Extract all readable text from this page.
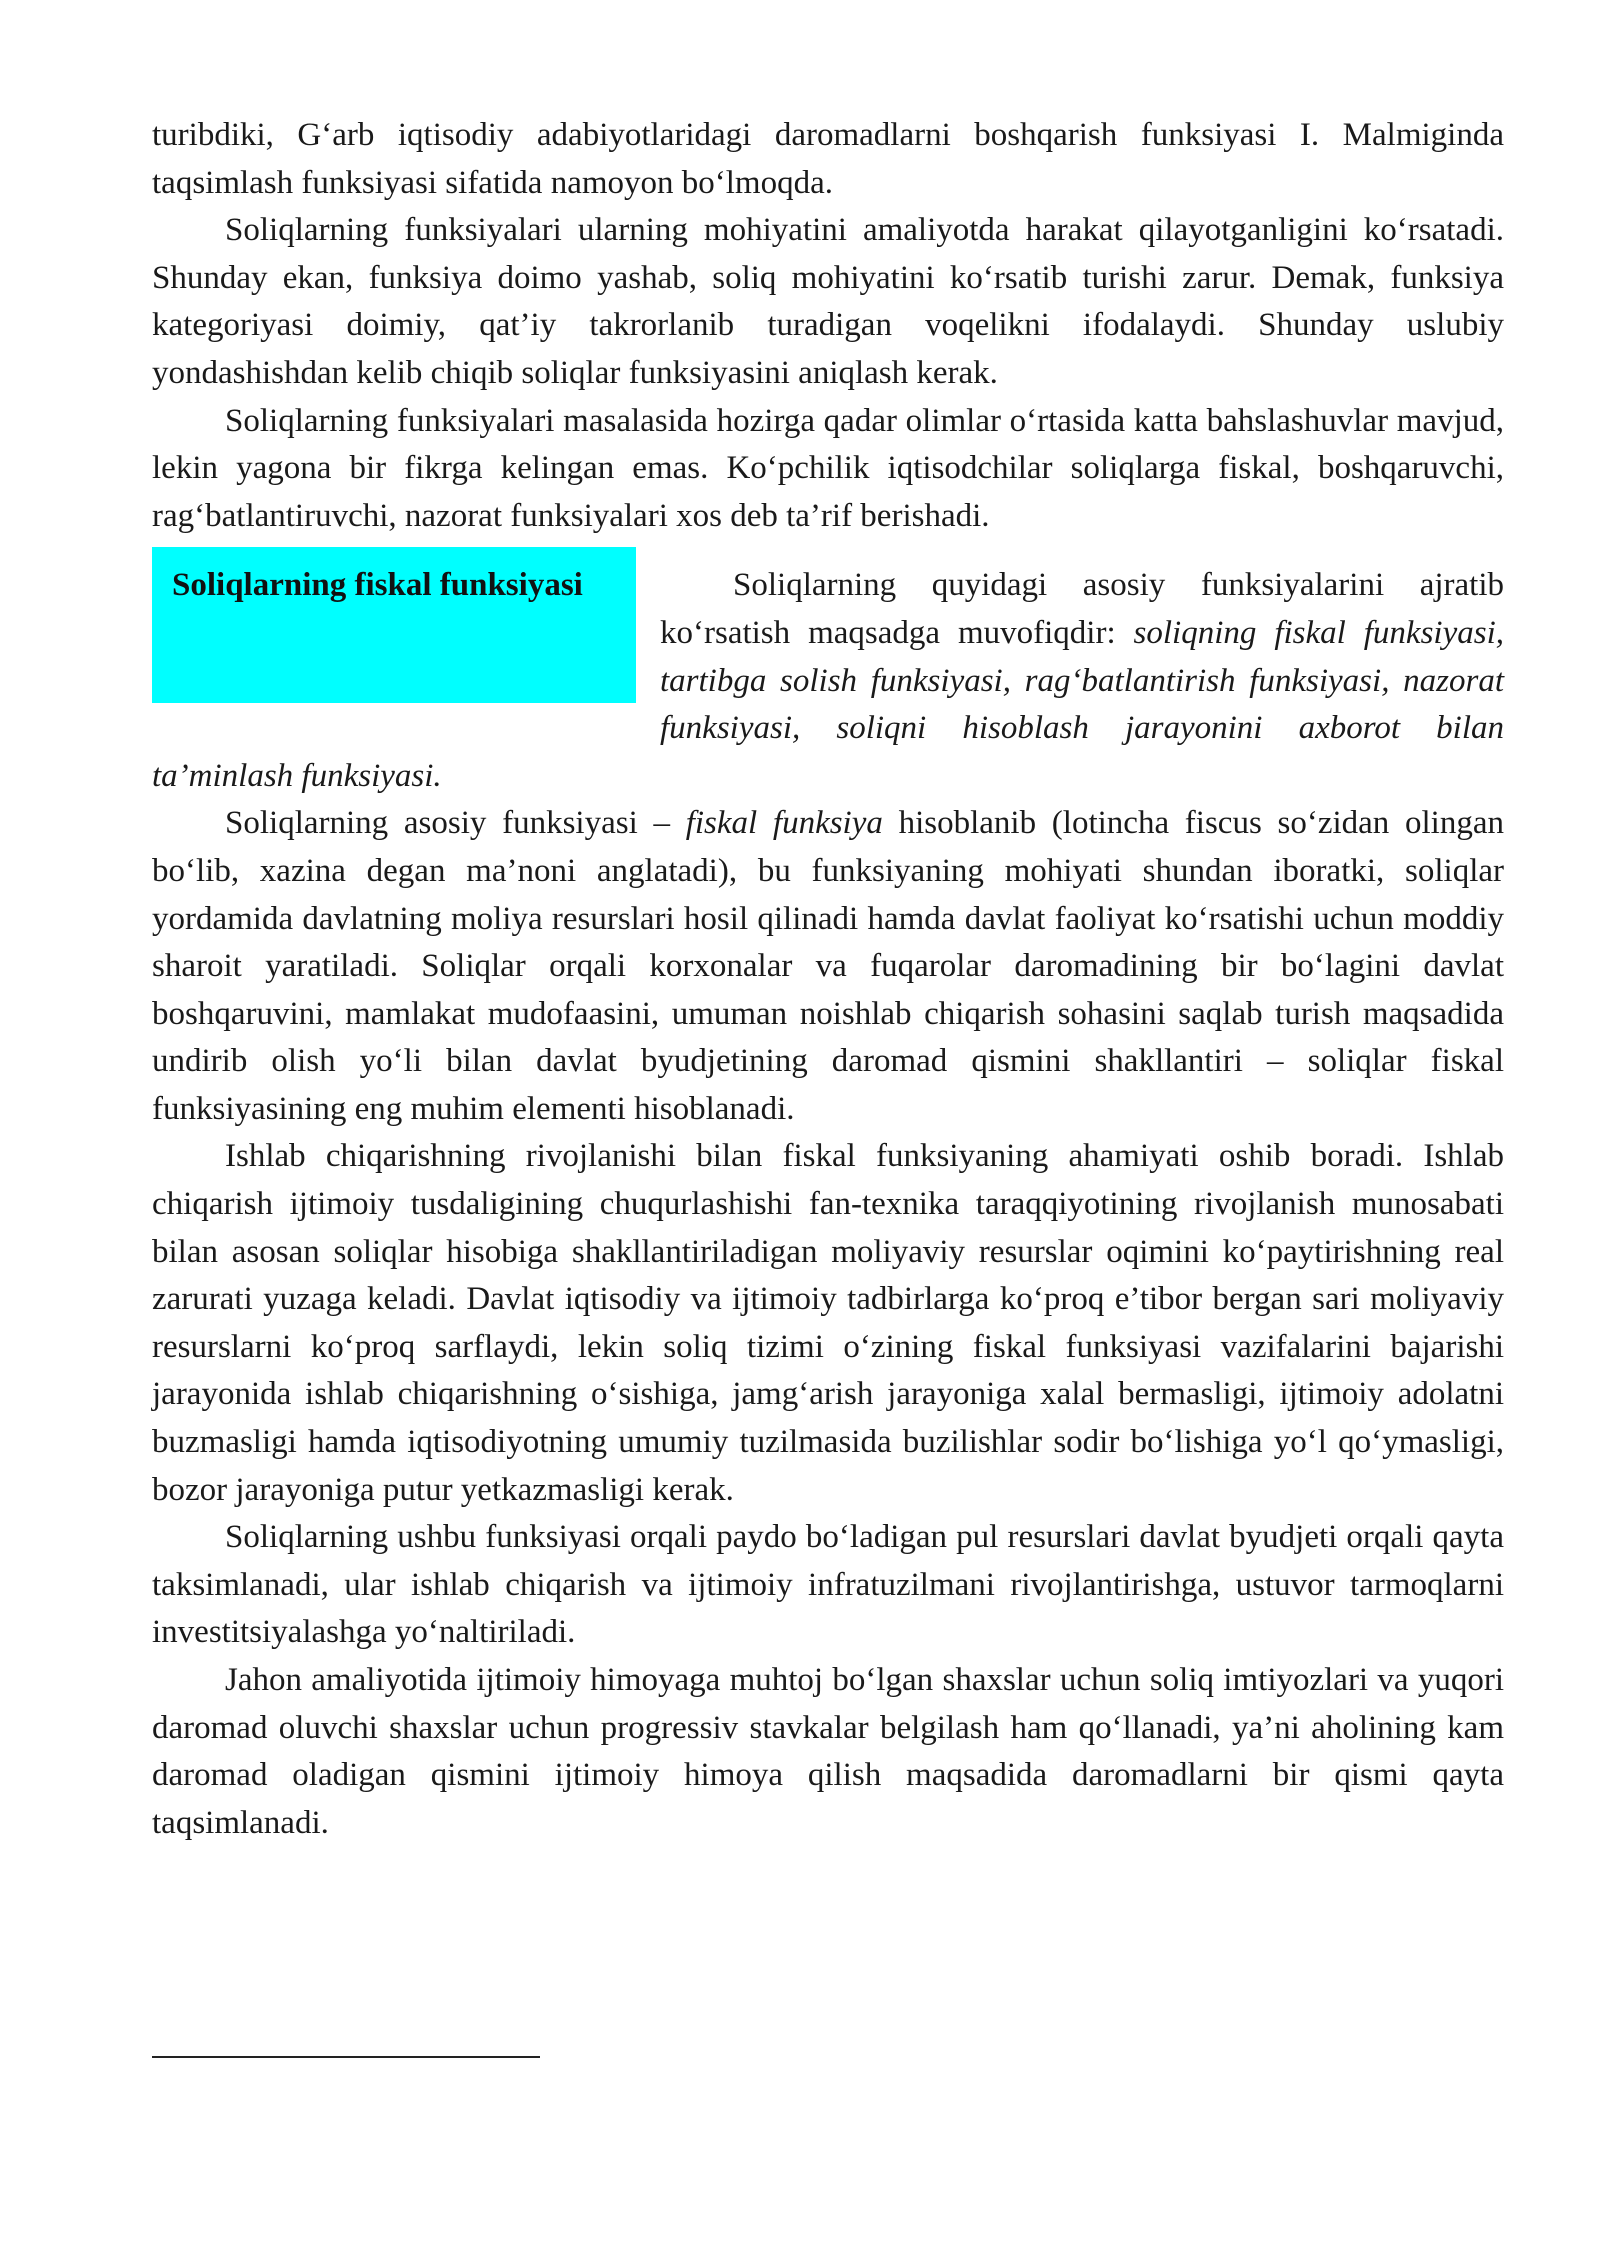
turibdiki, G‘arb iqtisodiy adabiyotlaridagi daromadlarni boshqarish funksiyasi I. Malmiginda taqsimlash funksiyasi sifatida namoyon bo‘lmoqda.

Soliqlarning funksiyalari ularning mohiyatini amaliyotda harakat qilayotganligini ko‘rsatadi. Shunday ekan, funksiya doimo yashab, soliq mohiyatini ko‘rsatib turishi zarur. Demak, funksiya kategoriyasi doimiy, qat’iy takrorlanib turadigan voqelikni ifodalaydi. Shunday uslubiy yondashishdan kelib chiqib soliqlar funksiyasini aniqlash kerak.

Soliqlarning funksiyalari masalasida hozirga qadar olimlar o‘rtasida katta bahslashuvlar mavjud, lekin yagona bir fikrga kelingan emas. Ko‘pchilik iqtisodchilar soliqlarga fiskal, boshqaruvchi, rag‘batlantiruvchi, nazorat funksiyalari xos deb ta’rif berishadi.

Soliqlarning fiskal funksiyasi	Soliqlarning quyidagi asosiy funksiyalarini ajratib ko‘rsatish maqsadga muvofiqdir: soliqning fiskal funksiyasi, tartibga solish funksiyasi, rag‘batlantirish funksiyasi, nazorat funksiyasi, soliqni hisoblash jarayonini axborot bilan ta’minlash funksiyasi.

Soliqlarning asosiy funksiyasi – fiskal funksiya hisoblanib (lotincha fiscus so‘zidan olingan bo‘lib, xazina degan ma’noni anglatadi), bu funksiyaning mohiyati shundan iboratki, soliqlar yordamida davlatning moliya resurslari hosil qilinadi hamda davlat faoliyat ko‘rsatishi uchun moddiy sharoit yaratiladi. Soliqlar orqali korxonalar va fuqarolar daromadining bir bo‘lagini davlat boshqaruvini, mamlakat mudofaasini, umuman noishlab chiqarish sohasini saqlab turish maqsadida undirib olish yo‘li bilan davlat byudjetining daromad qismini shakllantiri – soliqlar fiskal funksiyasining eng muhim elementi hisoblanadi.

Ishlab chiqarishning rivojlanishi bilan fiskal funksiyaning ahamiyati oshib boradi. Ishlab chiqarish ijtimoiy tusdaligining chuqurlashishi fan-texnika taraqqiyotining rivojlanish munosabati bilan asosan soliqlar hisobiga shakllantiriladigan moliyaviy resurslar oqimini ko‘paytirishning real zarurati yuzaga keladi. Davlat iqtisodiy va ijtimoiy tadbirlarga ko‘proq e’tibor bergan sari moliyaviy resurslarni ko‘proq sarflaydi, lekin soliq tizimi o‘zining fiskal funksiyasi vazifalarini bajarishi jarayonida ishlab chiqarishning o‘sishiga, jamg‘arish jarayoniga xalal bermasligi, ijtimoiy adolatni buzmasligi hamda iqtisodiyotning umumiy tuzilmasida buzilishlar sodir bo‘lishiga yo‘l qo‘ymasligi, bozor jarayoniga putur yetkazmasligi kerak.

Soliqlarning ushbu funksiyasi orqali paydo bo‘ladigan pul resurslari davlat byudjeti orqali qayta taksimlanadi, ular ishlab chiqarish va ijtimoiy infratuzilmani rivojlantirishga, ustuvor tarmoqlarni investitsiyalashga yo‘naltiriladi.

Jahon amaliyotida ijtimoiy himoyaga muhtoj bo‘lgan shaxslar uchun soliq imtiyozlari va yuqori daromad oluvchi shaxslar uchun progressiv stavkalar belgilash ham qo‘llanadi, ya’ni aholining kam daromad oladigan qismini ijtimoiy himoya qilish maqsadida daromadlarni bir qismi qayta taqsimlanadi.
